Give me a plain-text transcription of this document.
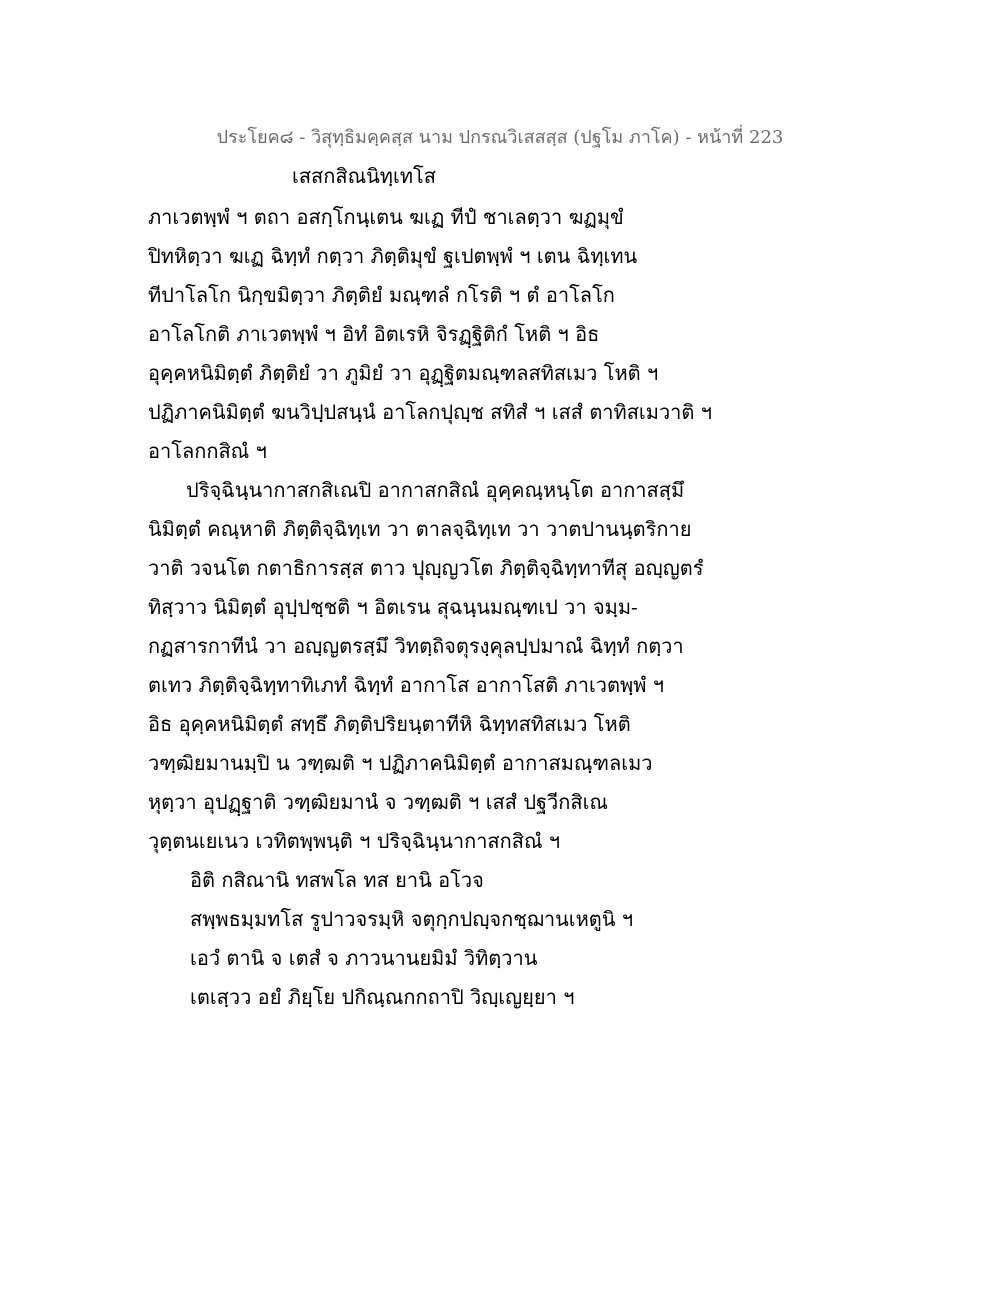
ประโยค๘ - วิสุทฺธิมคฺคสฺส นาม ปกรณวิเสสสฺส (ปฐโม ภาโค) - หน้าที่ 223
เสสกสิณนิทฺเทโส
ภาเวตพฺพํ ฯ ตถา อสกฺโกนฺเตน ฆเฏ ทีปํ ชาเลตฺวา ฆฏมุขํ
ปิทหิตฺวา ฆเฏ ฉิทฺทํ กตฺวา ภิตฺติมุขํ ฐเปตพฺพํ ฯ เตน ฉิทฺเทน
ทีปาโลโก นิกฺขมิตฺวา ภิตฺติยํ มณฺฑลํ กโรติ ฯ ตํ อาโลโก
อาโลโกติ ภาเวตพฺพํ ฯ อิทํ อิตเรหิ จิรฏฺฐิติกํ โหติ ฯ อิธ
อุคฺคหนิมิตฺตํ ภิตฺติยํ วา ภูมิยํ วา อุฏฺฐิตมณฺฑลสทิสเมว โหติ ฯ
ปฏิภาคนิมิตฺตํ ฆนวิปฺปสนฺนํ อาโลกปุญฺช สทิสํ ฯ เสสํ ตาทิสเมวาติ ฯ
อาโลกกสิณํ ฯ
ปริจฺฉินฺนากาสกสิเณปิ อากาสกสิณํ อุคฺคณฺหนฺโต อากาสสฺมึ
นิมิตฺตํ คณฺหาติ ภิตฺติจฺฉิทฺเท วา ตาลจฺฉิทฺเท วา วาตปานนฺตริกาย
วาติ วจนโต กตาธิการสฺส ตาว ปุญฺญวโต ภิตฺติจฺฉิทฺทาทีสุ อญฺญตรํ
ทิสฺวาว นิมิตฺตํ อุปฺปชฺชติ ฯ อิตเรน สุฉนฺนมณฺฑเป วา จมฺม-
กฏสารกาทีนํ วา อญฺญตรสฺมึ วิทตฺถิจตุรงฺคุลปฺปมาณํ ฉิทฺทํ กตฺวา
ตเทว ภิตฺติจฺฉิทฺทาทิเภทํ ฉิทฺทํ อากาโส อากาโสติ ภาเวตพฺพํ ฯ
อิธ อุคฺคหนิมิตฺตํ สทฺธึ ภิตฺติปริยนฺตาทีหิ ฉิทฺทสทิสเมว โหติ
วฑฺฒิยมานมฺปิ น วฑฺฒติ ฯ ปฏิภาคนิมิตฺตํ อากาสมณฺฑลเมว
หุตฺวา อุปฏฺฐาติ วฑฺฒิยมานํ จ วฑฺฒติ ฯ เสสํ ปฐวีกสิเณ
วุตฺตนเยเนว เวทิตพฺพนฺติ ฯ ปริจฺฉินฺนากาสกสิณํ ฯ
อิติ กสิณานิ ทสพโล ทส ยานิ อโวจ
สพฺพธมฺมทโส รูปาวจรมฺหิ จตุกฺกปญฺจกชฺฌานเหตูนิ ฯ
เอวํ ตานิ จ เตสํ จ ภาวนานยมิมํ วิทิตฺวาน
เตเสฺวว อยํ ภิยฺโย ปกิณฺณกกถาปิ วิญฺเญยฺยา ฯ
